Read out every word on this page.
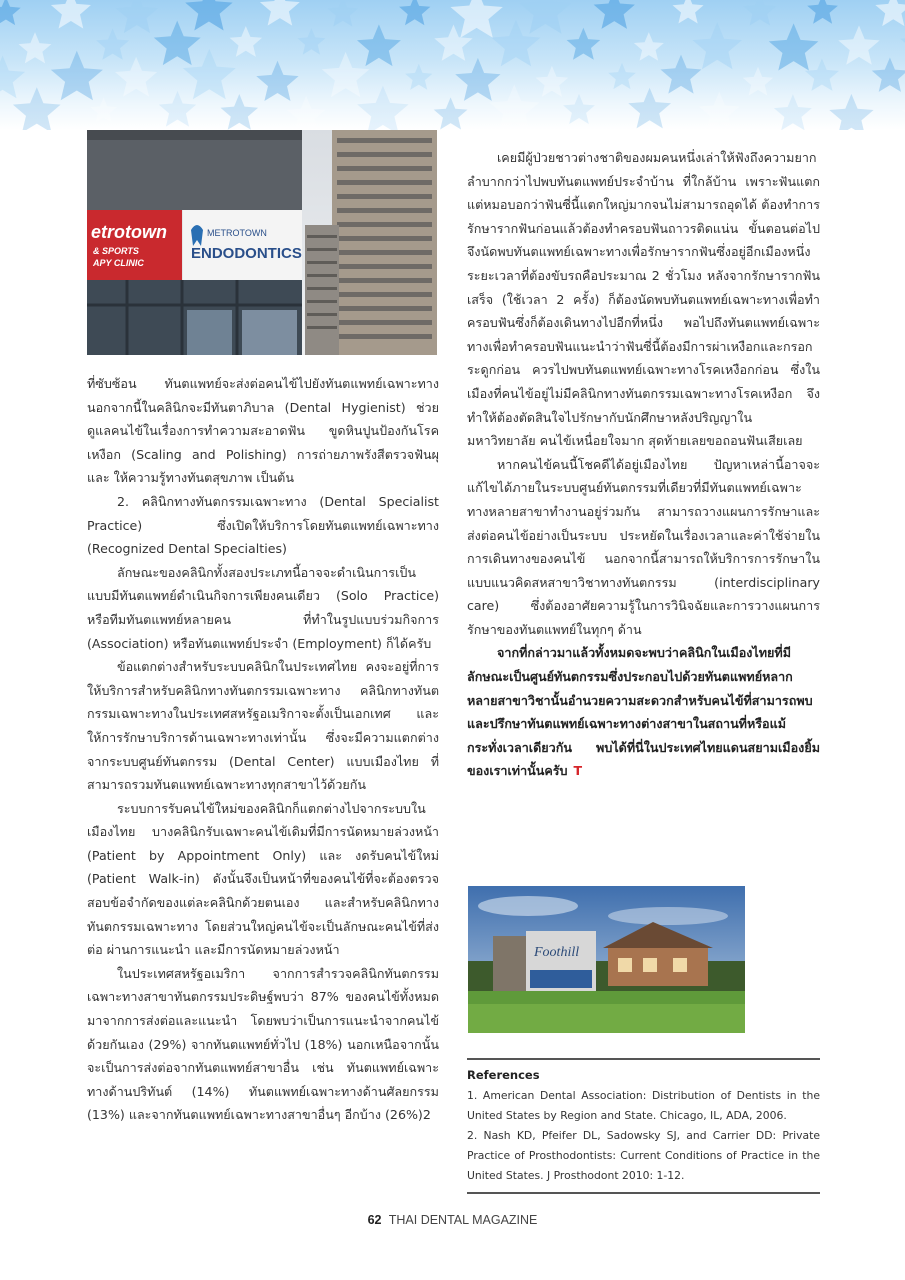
etrotown
& SPORTS
APY CLINIC
METROTOWN
ENDODONTICS

ที่ซับซ้อน ทันตแพทย์จะส่งต่อคนไข้ไปยังทันตแพทย์เฉพาะทาง นอกจากนี้ในคลินิกจะมีทันตาภิบาล (Dental Hygienist) ช่วยดูแลคนไข้ในเรื่องการทำความสะอาดฟัน ขูดหินปูนป้องกันโรคเหงือก (Scaling and Polishing) การถ่ายภาพรังสีตรวจฟันผุ และ ให้ความรู้ทางทันตสุขภาพ เป็นต้น

2. คลินิกทางทันตกรรมเฉพาะทาง (Dental Specialist Practice) ซึ่งเปิดให้บริการโดยทันตแพทย์เฉพาะทาง (Recognized Dental Specialties)

ลักษณะของคลินิกทั้งสองประเภทนี้อาจจะดำเนินการเป็นแบบมีทันตแพทย์ดำเนินกิจการเพียงคนเดียว (Solo Practice) หรือทีมทันตแพทย์หลายคน ที่ทำในรูปแบบร่วมกิจการ (Association) หรือทันตแพทย์ประจำ (Employment) ก็ได้ครับ

ข้อแตกต่างสำหรับระบบคลินิกในประเทศไทย คงจะอยู่ที่การให้บริการสำหรับคลินิกทางทันตกรรมเฉพาะทาง คลินิกทางทันตกรรมเฉพาะทางในประเทศสหรัฐอเมริกาจะตั้งเป็นเอกเทศ และให้การรักษาบริการด้านเฉพาะทางเท่านั้น ซึ่งจะมีความแตกต่างจากระบบศูนย์ทันตกรรม (Dental Center) แบบเมืองไทย ที่สามารถรวมทันตแพทย์เฉพาะทางทุกสาขาไว้ด้วยกัน

ระบบการรับคนไข้ใหม่ของคลินิกก็แตกต่างไปจากระบบในเมืองไทย บางคลินิกรับเฉพาะคนไข้เดิมที่มีการนัดหมายล่วงหน้า (Patient by Appointment Only) และ งดรับคนไข้ใหม่ (Patient Walk-in) ดังนั้นจึงเป็นหน้าที่ของคนไข้ที่จะต้องตรวจสอบข้อจำกัดของแต่ละคลินิกด้วยตนเอง และสำหรับคลินิกทางทันตกรรมเฉพาะทาง โดยส่วนใหญ่คนไข้จะเป็นลักษณะคนไข้ที่ส่งต่อ ผ่านการแนะนำ และมีการนัดหมายล่วงหน้า

ในประเทศสหรัฐอเมริกา จากการสำรวจคลินิกทันตกรรมเฉพาะทางสาขาทันตกรรมประดิษฐ์พบว่า 87% ของคนไข้ทั้งหมดมาจากการส่งต่อและแนะนำ โดยพบว่าเป็นการแนะนำจากคนไข้ด้วยกันเอง (29%) จากทันตแพทย์ทั่วไป (18%) นอกเหนือจากนั้นจะเป็นการส่งต่อจากทันตแพทย์สาขาอื่น เช่น ทันตแพทย์เฉพาะทางด้านปริทันต์ (14%) ทันตแพทย์เฉพาะทางด้านศัลยกรรม (13%) และจากทันตแพทย์เฉพาะทางสาขาอื่นๆ อีกบ้าง (26%)2

เคยมีผู้ป่วยชาวต่างชาติของผมคนหนึ่งเล่าให้ฟังถึงความยากลำบากกว่าไปพบทันตแพทย์ประจำบ้าน ที่ใกล้บ้าน เพราะฟันแตก แต่หมอบอกว่าฟันซี่นี้แตกใหญ่มากจนไม่สามารถอุดได้ ต้องทำการรักษารากฟันก่อนแล้วต้องทำครอบฟันถาวรติดแน่น ขั้นตอนต่อไปจึงนัดพบทันตแพทย์เฉพาะทางเพื่อรักษารากฟันซึ่งอยู่อีกเมืองหนึ่ง ระยะเวลาที่ต้องขับรถคือประมาณ 2 ชั่วโมง หลังจากรักษารากฟันเสร็จ (ใช้เวลา 2 ครั้ง) ก็ต้องนัดพบทันตแพทย์เฉพาะทางเพื่อทำครอบฟันซึ่งก็ต้องเดินทางไปอีกที่หนึ่ง พอไปถึงทันตแพทย์เฉพาะทางเพื่อทำครอบฟันแนะนำว่าฟันซี่นี้ต้องมีการผ่าเหงือกและกรอกระดูกก่อน ควรไปพบทันตแพทย์เฉพาะทางโรคเหงือกก่อน ซึ่งในเมืองที่คนไข้อยู่ไม่มีคลินิกทางทันตกรรมเฉพาะทางโรคเหงือก จึงทำให้ต้องตัดสินใจไปรักษากับนักศึกษาหลังปริญญาในมหาวิทยาลัย คนไข้เหนื่อยใจมาก สุดท้ายเลยขอถอนฟันเสียเลย

หากคนไข้คนนี้โชคดีได้อยู่เมืองไทย ปัญหาเหล่านี้อาจจะแก้ไขได้ภายในระบบศูนย์ทันตกรรมที่เดียวที่มีทันตแพทย์เฉพาะทางหลายสาขาทำงานอยู่ร่วมกัน สามารถวางแผนการรักษาและส่งต่อคนไข้อย่างเป็นระบบ ประหยัดในเรื่องเวลาและค่าใช้จ่ายในการเดินทางของคนไข้ นอกจากนี้สามารถให้บริการการรักษาในแบบแนวคิดสหสาขาวิชาทางทันตกรรม (interdisciplinary care) ซึ่งต้องอาศัยความรู้ในการวินิจฉัยและการวางแผนการรักษาของทันตแพทย์ในทุกๆ ด้าน

จากที่กล่าวมาแล้วทั้งหมดจะพบว่าคลินิกในเมืองไทยที่มีลักษณะเป็นศูนย์ทันตกรรมซึ่งประกอบไปด้วยทันตแพทย์หลากหลายสาขาวิชานั้นอำนวยความสะดวกสำหรับคนไข้ที่สามารถพบและปรึกษาทันตแพทย์เฉพาะทางต่างสาขาในสถานที่หรือแม้กระทั่งเวลาเดียวกัน พบได้ที่นี่ในประเทศไทยแดนสยามเมืองยิ้มของเราเท่านั้นครับ T

Foothill
References

1. American Dental Association: Distribution of Dentists in the United States by Region and State. Chicago, IL, ADA, 2006.

2. Nash KD, Pfeifer DL, Sadowsky SJ, and Carrier DD: Private Practice of Prosthodontists: Current Conditions of Practice in the United States. J Prosthodont 2010: 1-12.

62 THAI DENTAL MAGAZINE
